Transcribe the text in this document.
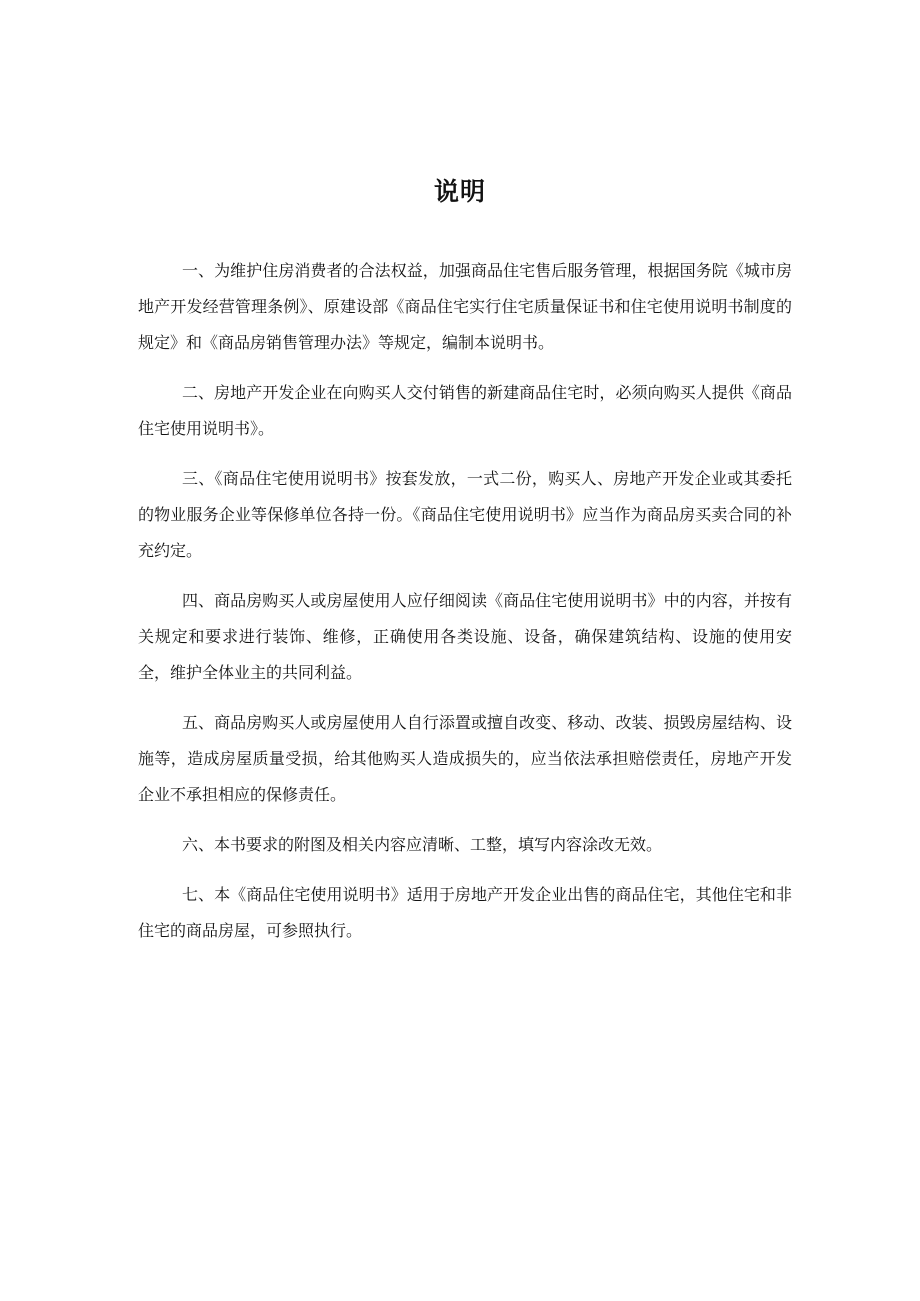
说明

一、为维护住房消费者的合法权益，加强商品住宅售后服务管理，根据国务院《城市房地产开发经营管理条例》、原建设部《商品住宅实行住宅质量保证书和住宅使用说明书制度的规定》和《商品房销售管理办法》等规定，编制本说明书。

二、房地产开发企业在向购买人交付销售的新建商品住宅时，必须向购买人提供《商品住宅使用说明书》。

三、《商品住宅使用说明书》按套发放，一式二份，购买人、房地产开发企业或其委托的物业服务企业等保修单位各持一份。《商品住宅使用说明书》应当作为商品房买卖合同的补充约定。

四、商品房购买人或房屋使用人应仔细阅读《商品住宅使用说明书》中的内容，并按有关规定和要求进行装饰、维修，正确使用各类设施、设备，确保建筑结构、设施的使用安全，维护全体业主的共同利益。

五、商品房购买人或房屋使用人自行添置或擅自改变、移动、改装、损毁房屋结构、设施等，造成房屋质量受损，给其他购买人造成损失的，应当依法承担赔偿责任，房地产开发企业不承担相应的保修责任。

六、本书要求的附图及相关内容应清晰、工整，填写内容涂改无效。

七、本《商品住宅使用说明书》适用于房地产开发企业出售的商品住宅，其他住宅和非住宅的商品房屋，可参照执行。
